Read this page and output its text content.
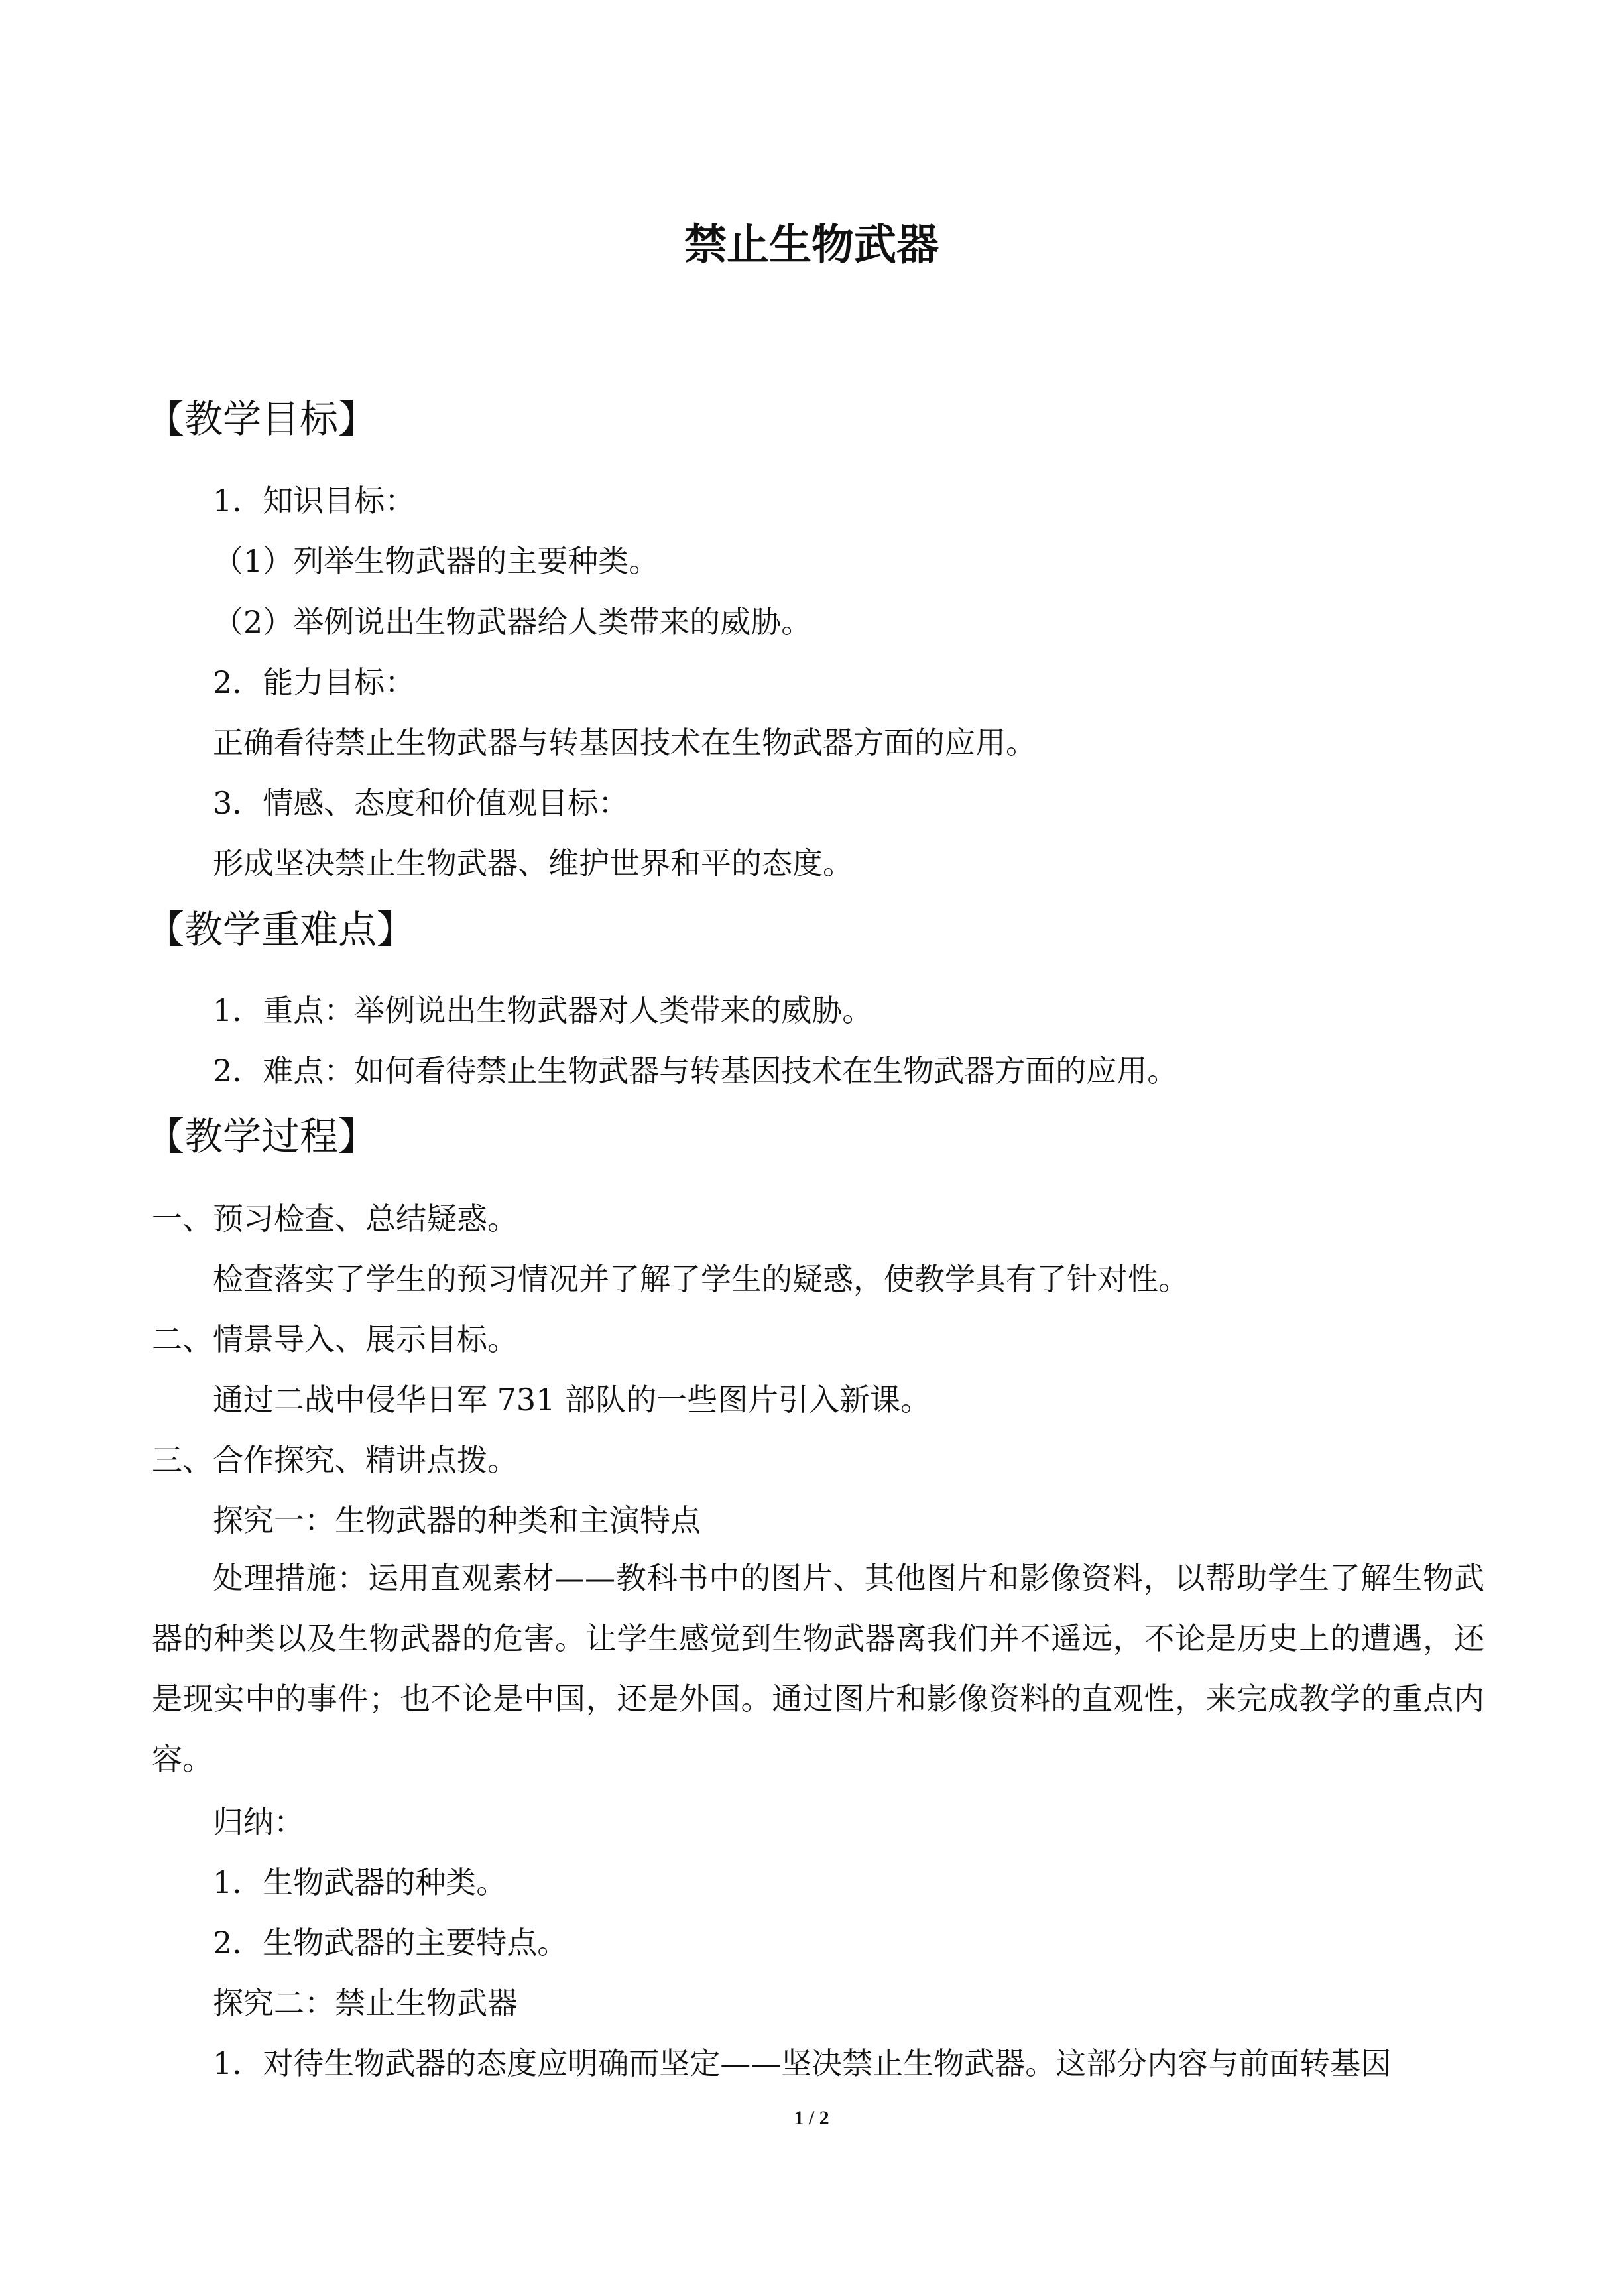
禁止生物武器
【教学目标】
1．知识目标：
（1）列举生物武器的主要种类。
（2）举例说出生物武器给人类带来的威胁。
2．能力目标：
正确看待禁止生物武器与转基因技术在生物武器方面的应用。
3．情感、态度和价值观目标：
形成坚决禁止生物武器、维护世界和平的态度。
【教学重难点】
1．重点：举例说出生物武器对人类带来的威胁。
2．难点：如何看待禁止生物武器与转基因技术在生物武器方面的应用。
【教学过程】
一、预习检查、总结疑惑。
检查落实了学生的预习情况并了解了学生的疑惑，使教学具有了针对性。
二、情景导入、展示目标。
通过二战中侵华日军 731 部队的一些图片引入新课。
三、合作探究、精讲点拨。
探究一：生物武器的种类和主演特点

处理措施：运用直观素材——教科书中的图片、其他图片和影像资料，以帮助学生了解生物武器的种类以及生物武器的危害。让学生感觉到生物武器离我们并不遥远，不论是历史上的遭遇，还是现实中的事件；也不论是中国，还是外国。通过图片和影像资料的直观性，来完成教学的重点内容。

归纳：
1．生物武器的种类。
2．生物武器的主要特点。
探究二：禁止生物武器
1．对待生物武器的态度应明确而坚定——坚决禁止生物武器。这部分内容与前面转基因
1 / 2
